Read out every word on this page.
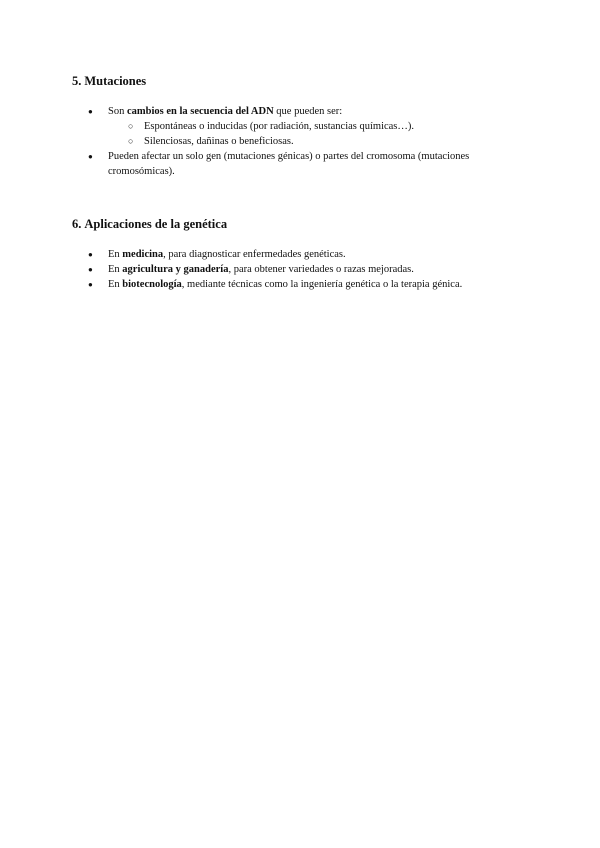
5. Mutaciones
● Son cambios en la secuencia del ADN que pueden ser:
○ Espontáneas o inducidas (por radiación, sustancias químicas…).
○ Silenciosas, dañinas o beneficiosas.
● Pueden afectar un solo gen (mutaciones génicas) o partes del cromosoma (mutaciones cromosómicas).
6. Aplicaciones de la genética
● En medicina, para diagnosticar enfermedades genéticas.
● En agricultura y ganadería, para obtener variedades o razas mejoradas.
● En biotecnología, mediante técnicas como la ingeniería genética o la terapia génica.
